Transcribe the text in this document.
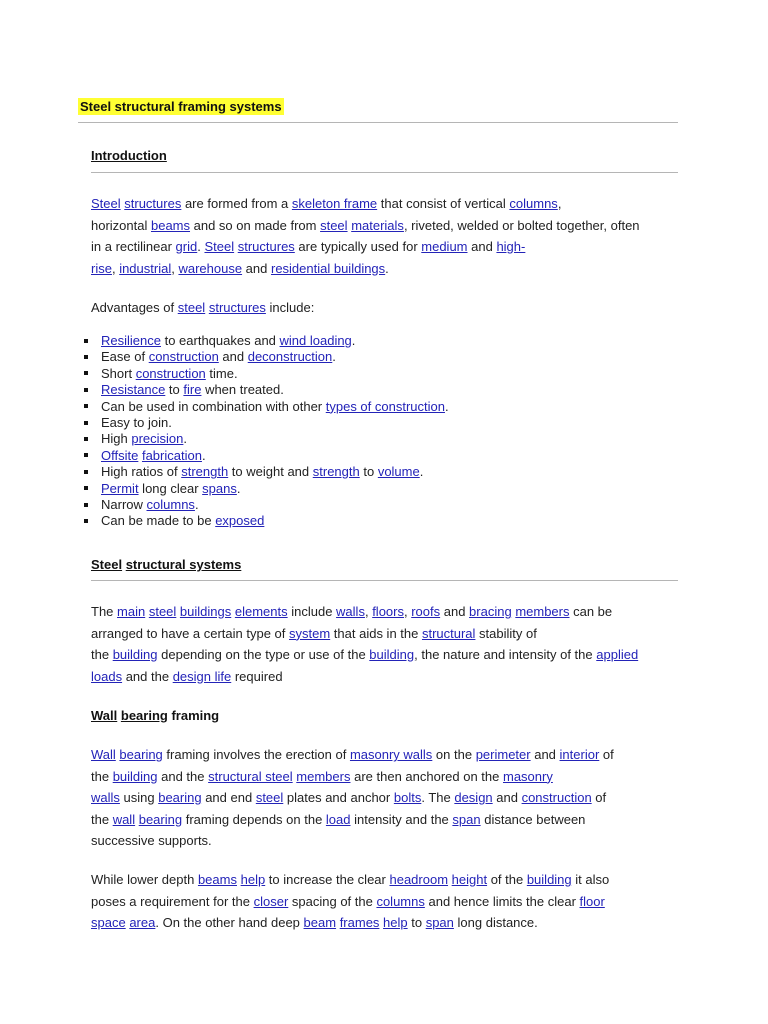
Steel structural framing systems
Introduction
Steel structures are formed from a skeleton frame that consist of vertical columns,
horizontal beams and so on made from steel materials, riveted, welded or bolted together, often
in a rectilinear grid. Steel structures are typically used for medium and high-
rise, industrial, warehouse and residential buildings.
Advantages of steel structures include:
Resilience to earthquakes and wind loading.
Ease of construction and deconstruction.
Short construction time.
Resistance to fire when treated.
Can be used in combination with other types of construction.
Easy to join.
High precision.
Offsite fabrication.
High ratios of strength to weight and strength to volume.
Permit long clear spans.
Narrow columns.
Can be made to be exposed
Steel structural systems
The main steel buildings elements include walls, floors, roofs and bracing members can be
arranged to have a certain type of system that aids in the structural stability of
the building depending on the type or use of the building, the nature and intensity of the applied
loads and the design life required
Wall bearing framing
Wall bearing framing involves the erection of masonry walls on the perimeter and interior of
the building and the structural steel members are then anchored on the masonry
walls using bearing and end steel plates and anchor bolts. The design and construction of
the wall bearing framing depends on the load intensity and the span distance between
successive supports.
While lower depth beams help to increase the clear headroom height of the building it also
poses a requirement for the closer spacing of the columns and hence limits the clear floor
space area. On the other hand deep beam frames help to span long distance.
